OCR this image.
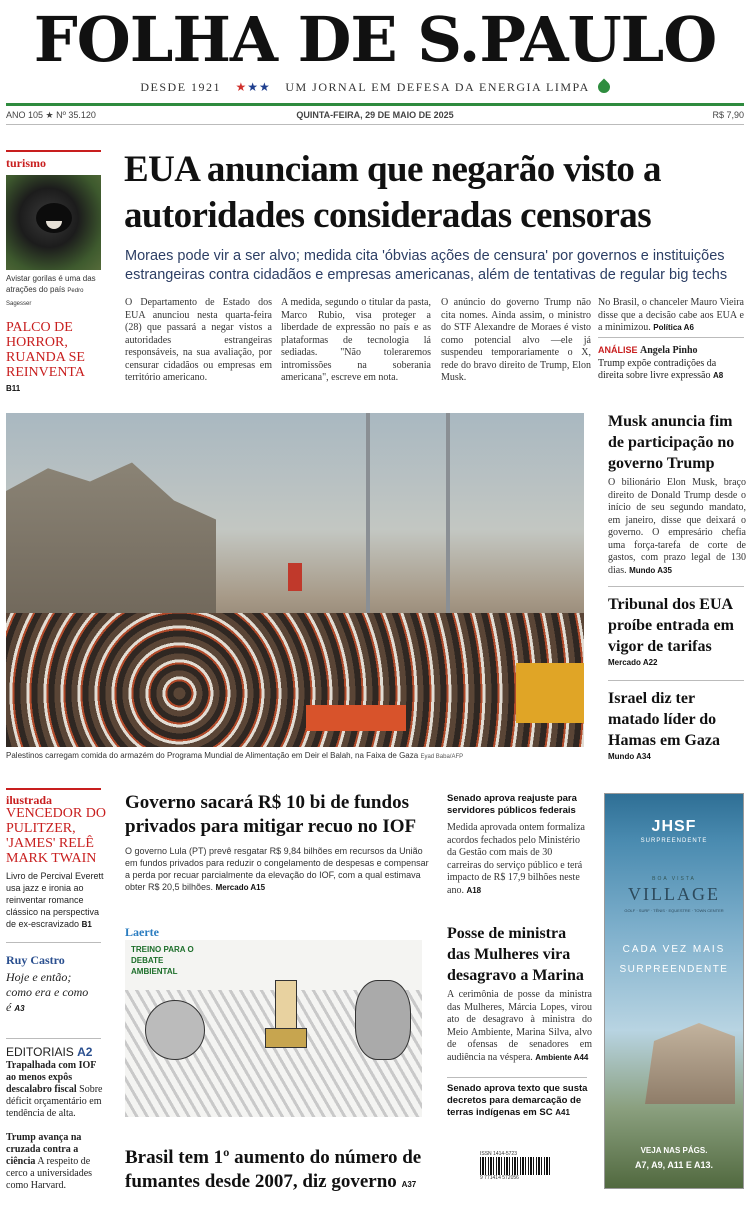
FOLHA DE S.PAULO
DESDE 1921 ★★★ UM JORNAL EM DEFESA DA ENERGIA LIMPA
ANO 105 ★ Nº 35.120	QUINTA-FEIRA, 29 DE MAIO DE 2025	R$ 7,90
turismo
Avistar gorilas é uma das atrações do país Pedro Sagesser
PALCO DE HORROR, RUANDA SE REINVENTA B11
EUA anunciam que negarão visto a autoridades consideradas censoras
Moraes pode vir a ser alvo; medida cita 'óbvias ações de censura' por governos e instituições estrangeiras contra cidadãos e empresas americanas, além de tentativas de regular big techs
O Departamento de Estado dos EUA anunciou nesta quarta-feira (28) que passará a negar vistos a autoridades estrangeiras responsáveis, na sua avaliação, por censurar cidadãos ou empresas em território americano.
A medida, segundo o titular da pasta, Marco Rubio, visa proteger a liberdade de expressão no país e as plataformas de tecnologia lá sediadas. "Não toleraremos intromissões na soberania americana", escreve em nota.
O anúncio do governo Trump não cita nomes. Ainda assim, o ministro do STF Alexandre de Moraes é visto como potencial alvo —ele já suspendeu temporariamente o X, rede do bravo direito de Trump, Elon Musk.
No Brasil, o chanceler Mauro Vieira disse que a decisão cabe aos EUA e a minimizou. Política A6
ANÁLISE Angela Pinho
Trump expõe contradições da direita sobre livre expressão A8
Palestinos carregam comida do armazém do Programa Mundial de Alimentação em Deir el Balah, na Faixa de Gaza Eyad Baba/AFP
Musk anuncia fim de participação no governo Trump
O bilionário Elon Musk, braço direito de Donald Trump desde o início de seu segundo mandato, em janeiro, disse que deixará o governo. O empresário chefia uma força-tarefa de corte de gastos, com prazo legal de 130 dias. Mundo A35
Tribunal dos EUA proíbe entrada em vigor de tarifas
Mercado A22
Israel diz ter matado líder do Hamas em Gaza
Mundo A34
ilustrada
VENCEDOR DO PULITZER, 'JAMES' RELÊ MARK TWAIN
Livro de Percival Everett usa jazz e ironia ao reinventar romance clássico na perspectiva de ex-escravizado B1
Ruy Castro
Hoje e então; como era e como é A3
EDITORIAIS A2
Trapalhada com IOF ao menos expôs descalabro fiscal Sobre déficit orçamentário em tendência de alta.
Trump avança na cruzada contra a ciência A respeito de cerco a universidades como Harvard.
Governo sacará R$ 10 bi de fundos privados para mitigar recuo no IOF
O governo Lula (PT) prevê resgatar R$ 9,84 bilhões em recursos da União em fundos privados para reduzir o congelamento de despesas e compensar a perda por recuar parcialmente da elevação do IOF, com a qual estimava obter R$ 20,5 bilhões. Mercado A15
Senado aprova reajuste para servidores públicos federais
Medida aprovada ontem formaliza acordos fechados pelo Ministério da Gestão com mais de 30 carreiras do serviço público e terá impacto de R$ 17,9 bilhões neste ano. A18
Laerte
TREINO PARA O DEBATE AMBIENTAL
Posse de ministra das Mulheres vira desagravo a Marina
A cerimônia de posse da ministra das Mulheres, Márcia Lopes, virou ato de desagravo à ministra do Meio Ambiente, Marina Silva, alvo de ofensas de senadores em audiência na véspera. Ambiente A44
Senado aprova texto que susta decretos para demarcação de terras indígenas em SC A41
Brasil tem 1º aumento do número de fumantes desde 2007, diz governo A37
ISSN 1414-5723
9 771414 572056
JHSF
SURPREENDENTE
BOA VISTA
VILLAGE
GOLF · SURF · TÊNIS · EQUESTRE · TOWN CENTER
CADA VEZ MAIS
SURPREENDENTE
VEJA NAS PÁGS.
A7, A9, A11 E A13.
